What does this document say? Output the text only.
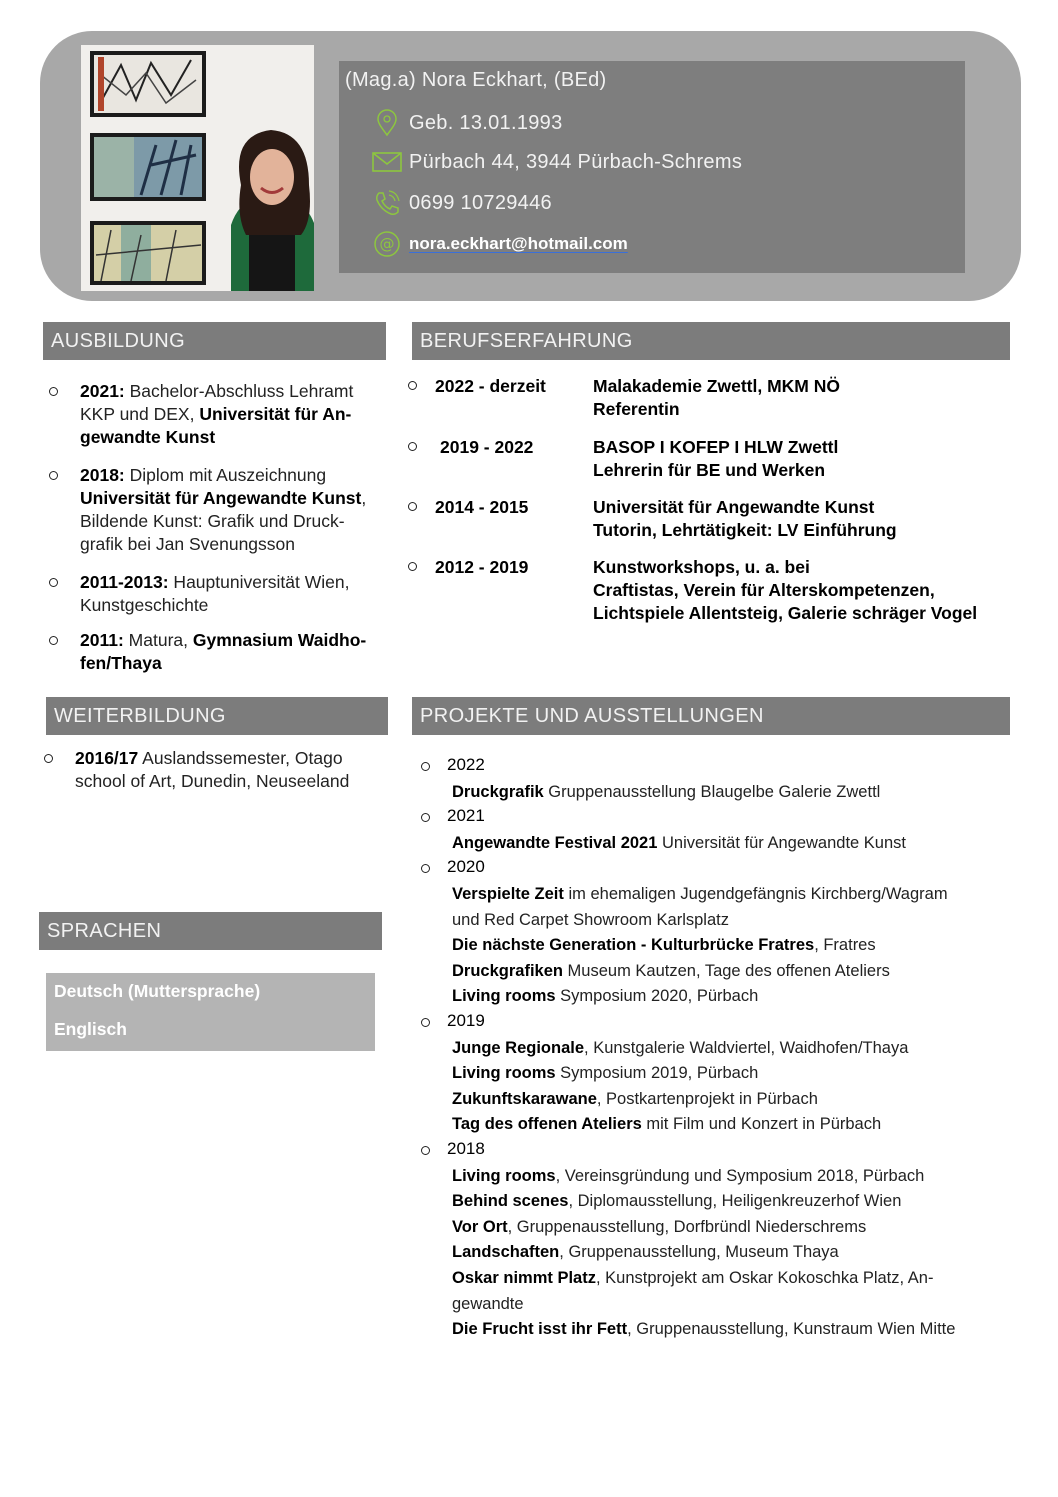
(Mag.a) Nora Eckhart, (BEd)
Geb. 13.01.1993
Pürbach 44, 3944 Pürbach-Schrems
0699 10729446
@ nora.eckhart@hotmail.com
AUSBILDUNG
2021: Bachelor-Abschluss Lehramt
KKP und DEX, Universität für An-
gewandte Kunst
2018: Diplom mit Auszeichnung
Universität für Angewandte Kunst,
Bildende Kunst: Grafik und Druck-
grafik bei Jan Svenungsson
2011-2013: Hauptuniversität Wien,
Kunstgeschichte
2011: Matura, Gymnasium Waidho-
fen/Thaya
BERUFSERFAHRUNG
2022 - derzeit	Malakademie Zwettl, MKM NÖ
Referentin
2019 - 2022	BASOP I KOFEP I HLW Zwettl
Lehrerin für BE und Werken
2014 - 2015	Universität für Angewandte Kunst
Tutorin, Lehrtätigkeit: LV Einführung
2012 - 2019	Kunstworkshops, u. a. bei
Craftistas, Verein für Alterskompetenzen,
Lichtspiele Allentsteig, Galerie schräger Vogel
WEITERBILDUNG
2016/17 Auslandssemester, Otago
school of Art, Dunedin, Neuseeland
SPRACHEN
Deutsch (Muttersprache)
Englisch
PROJEKTE UND AUSSTELLUNGEN
2022
Druckgrafik Gruppenausstellung Blaugelbe Galerie Zwettl
2021
Angewandte Festival 2021 Universität für Angewandte Kunst
2020
Verspielte Zeit im ehemaligen Jugendgefängnis Kirchberg/Wagram
und Red Carpet Showroom Karlsplatz
Die nächste Generation - Kulturbrücke Fratres, Fratres
Druckgrafiken Museum Kautzen, Tage des offenen Ateliers
Living rooms Symposium 2020, Pürbach
2019
Junge Regionale, Kunstgalerie Waldviertel, Waidhofen/Thaya
Living rooms Symposium 2019, Pürbach
Zukunftskarawane, Postkartenprojekt in Pürbach
Tag des offenen Ateliers mit Film und Konzert in Pürbach
2018
Living rooms, Vereinsgründung und Symposium 2018, Pürbach
Behind scenes, Diplomausstellung, Heiligenkreuzerhof Wien
Vor Ort, Gruppenausstellung, Dorfbründl Niederschrems
Landschaften, Gruppenausstellung, Museum Thaya
Oskar nimmt Platz, Kunstprojekt am Oskar Kokoschka Platz, An-
gewandte
Die Frucht isst ihr Fett, Gruppenausstellung, Kunstraum Wien Mitte
